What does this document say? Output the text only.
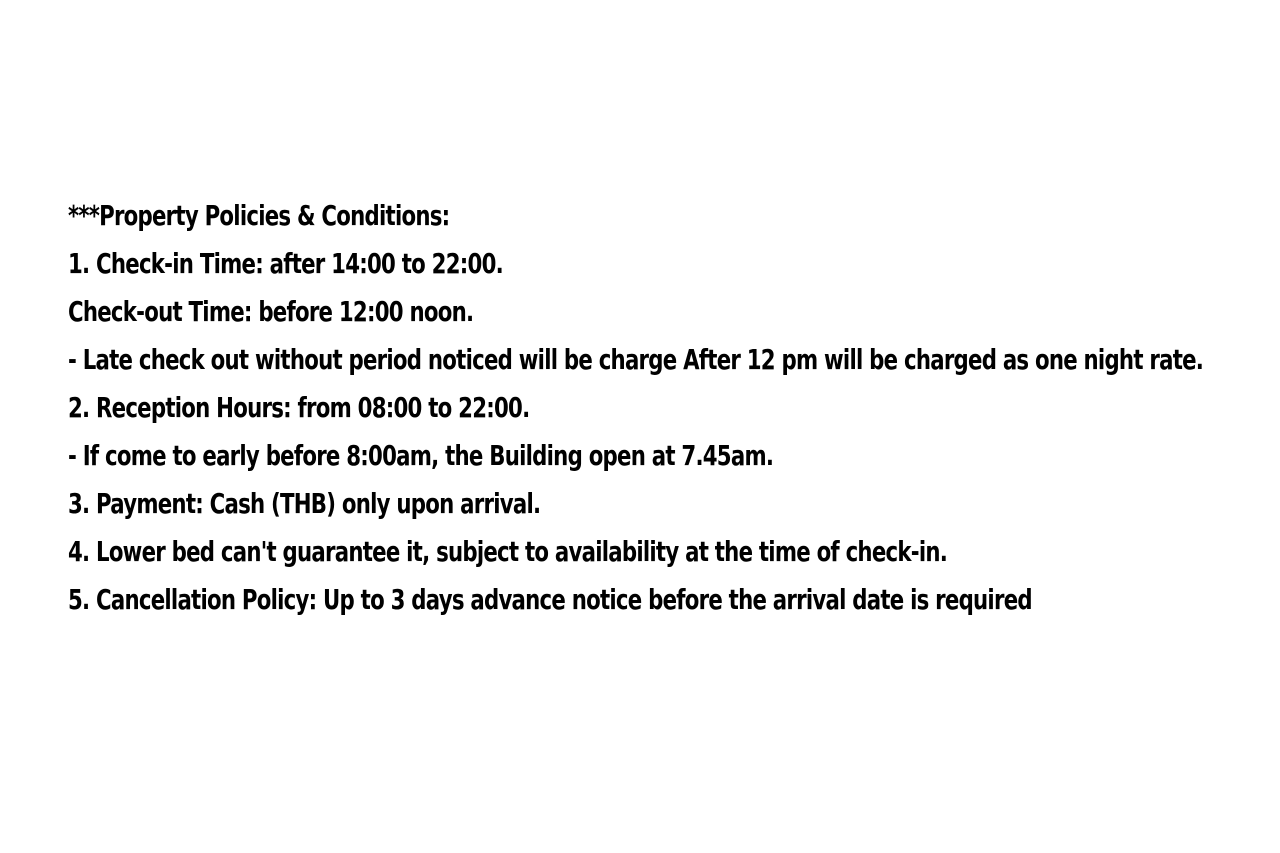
***Property Policies & Conditions:
1. Check-in Time: after 14:00 to 22:00.
Check-out Time: before 12:00 noon.
- Late check out without period noticed will be charge After 12 pm will be charged as one night rate.
2. Reception Hours: from 08:00 to 22:00.
- If come to early before 8:00am, the Building open at 7.45am.
3. Payment: Cash (THB) only upon arrival.
4. Lower bed can't guarantee it, subject to availability at the time of check-in.
5. Cancellation Policy: Up to 3 days advance notice before the arrival date is required
